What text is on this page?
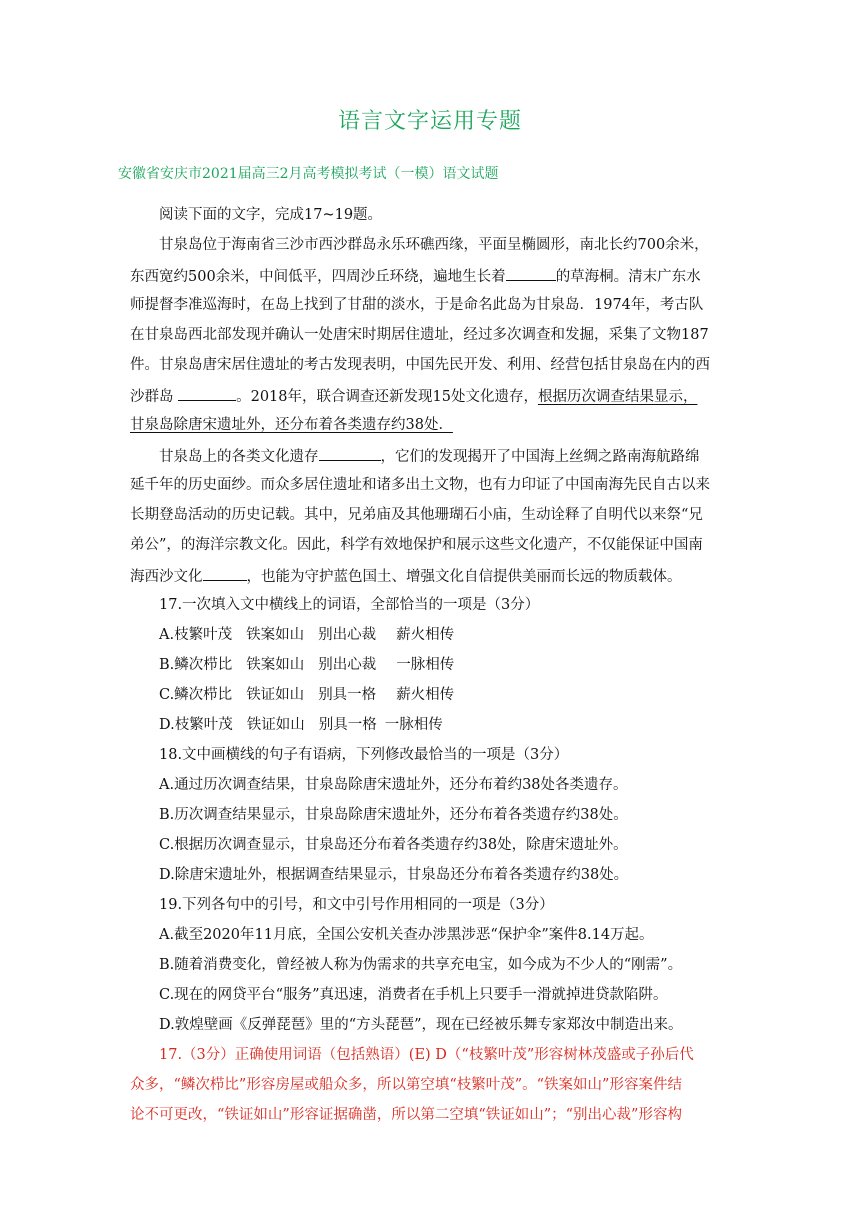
语言文字运用专题
安徽省安庆市2021届高三2月高考模拟考试（一模）语文试题
阅读下面的文字，完成17~19题。
甘泉岛位于海南省三沙市西沙群岛永乐环礁西缘，平面呈椭圆形，南北长约700余米，
东西宽约500余米，中间低平，四周沙丘环绕，遍地生长着	的草海桐。清末广东水
师提督李准巡海时，在岛上找到了甘甜的淡水，于是命名此岛为甘泉岛．1974年，考古队
在甘泉岛西北部发现并确认一处唐宋时期居住遗址，经过多次调查和发掘，采集了文物187
件。甘泉岛唐宋居住遗址的考古发现表明，中国先民开发、利用、经营包括甘泉岛在内的西
沙群岛	。2018年，联合调查还新发现15处文化遗存，根据历次调查结果显示，
甘泉岛除唐宋遗址外，还分布着各类遗存约38处．
甘泉岛上的各类文化遗存	，它们的发现揭开了中国海上丝绸之路南海航路绵
延千年的历史面纱。而众多居住遗址和诸多出土文物，也有力印证了中国南海先民自古以来
长期登岛活动的历史记载。其中，兄弟庙及其他珊瑚石小庙，生动诠释了自明代以来祭“兄
弟公”，的海洋宗教文化。因此，科学有效地保护和展示这些文化遗产，不仅能保证中国南
海西沙文化	，也能为守护蓝色国土、增强文化自信提供美丽而长远的物质载体。
17.一次填入文中横线上的词语，全部恰当的一项是（3分）
A.枝繁叶茂 铁案如山 别出心裁 薪火相传
B.鳞次栉比 铁案如山 别出心裁 一脉相传
C.鳞次栉比 铁证如山 别具一格 薪火相传
D.枝繁叶茂 铁证如山 别具一格 一脉相传
18.文中画横线的句子有语病，下列修改最恰当的一项是（3分）
A.通过历次调查结果，甘泉岛除唐宋遗址外，还分布着约38处各类遗存。
B.历次调查结果显示，甘泉岛除唐宋遗址外，还分布着各类遗存约38处。
C.根据历次调查显示，甘泉岛还分布着各类遗存约38处，除唐宋遗址外。
D.除唐宋遗址外，根据调查结果显示，甘泉岛还分布着各类遗存约38处。
19.下列各句中的引号，和文中引号作用相同的一项是（3分）
A.截至2020年11月底，全国公安机关查办涉黑涉恶“保护伞”案件8.14万起。
B.随着消费变化，曾经被人称为伪需求的共享充电宝，如今成为不少人的“刚需”。
C.现在的网贷平台“服务”真迅速，消费者在手机上只要手一滑就掉进贷款陷阱。
D.敦煌壁画《反弹琵琶》里的“方头琵琶”，现在已经被乐舞专家郑汝中制造出来。
17.（3分）正确使用词语（包括熟语）(E) D（“枝繁叶茂”形容树林茂盛或子孙后代
众多，“鳞次栉比”形容房屋或船众多，所以第空填“枝繁叶茂”。“铁案如山”形容案件结
论不可更改，“铁证如山”形容证据确凿，所以第二空填“铁证如山”；“别出心裁”形容构
